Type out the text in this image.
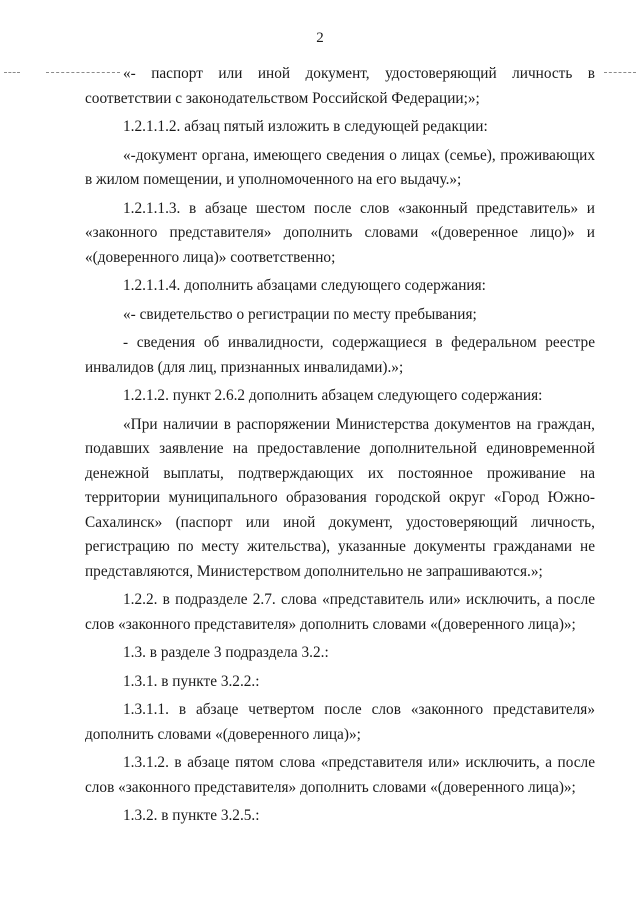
2

«- паспорт или иной документ, удостоверяющий личность в соответствии с законодательством Российской Федерации;»;

1.2.1.1.2. абзац пятый изложить в следующей редакции:

«-документ органа, имеющего сведения о лицах (семье), проживающих в жилом помещении, и уполномоченного на его выдачу.»;

1.2.1.1.3. в абзаце шестом после слов «законный представитель» и «законного представителя» дополнить словами «(доверенное лицо)» и «(доверенного лица)» соответственно;

1.2.1.1.4. дополнить абзацами следующего содержания:

«- свидетельство о регистрации по месту пребывания;

- сведения об инвалидности, содержащиеся в федеральном реестре инвалидов (для лиц, признанных инвалидами).»;

1.2.1.2. пункт 2.6.2 дополнить абзацем следующего содержания:

«При наличии в распоряжении Министерства документов на граждан, подавших заявление на предоставление дополнительной единовременной денежной выплаты, подтверждающих их постоянное проживание на территории муниципального образования городской округ «Город Южно-Сахалинск» (паспорт или иной документ, удостоверяющий личность, регистрацию по месту жительства), указанные документы гражданами не представляются, Министерством дополнительно не запрашиваются.»;

1.2.2. в подразделе 2.7. слова «представитель или» исключить, а после слов «законного представителя» дополнить словами «(доверенного лица)»;

1.3. в разделе 3 подраздела 3.2.:

1.3.1. в пункте 3.2.2.:

1.3.1.1. в абзаце четвертом после слов «законного представителя» дополнить словами «(доверенного лица)»;

1.3.1.2. в абзаце пятом слова «представителя или» исключить, а после слов «законного представителя» дополнить словами «(доверенного лица)»;

1.3.2. в пункте 3.2.5.:
